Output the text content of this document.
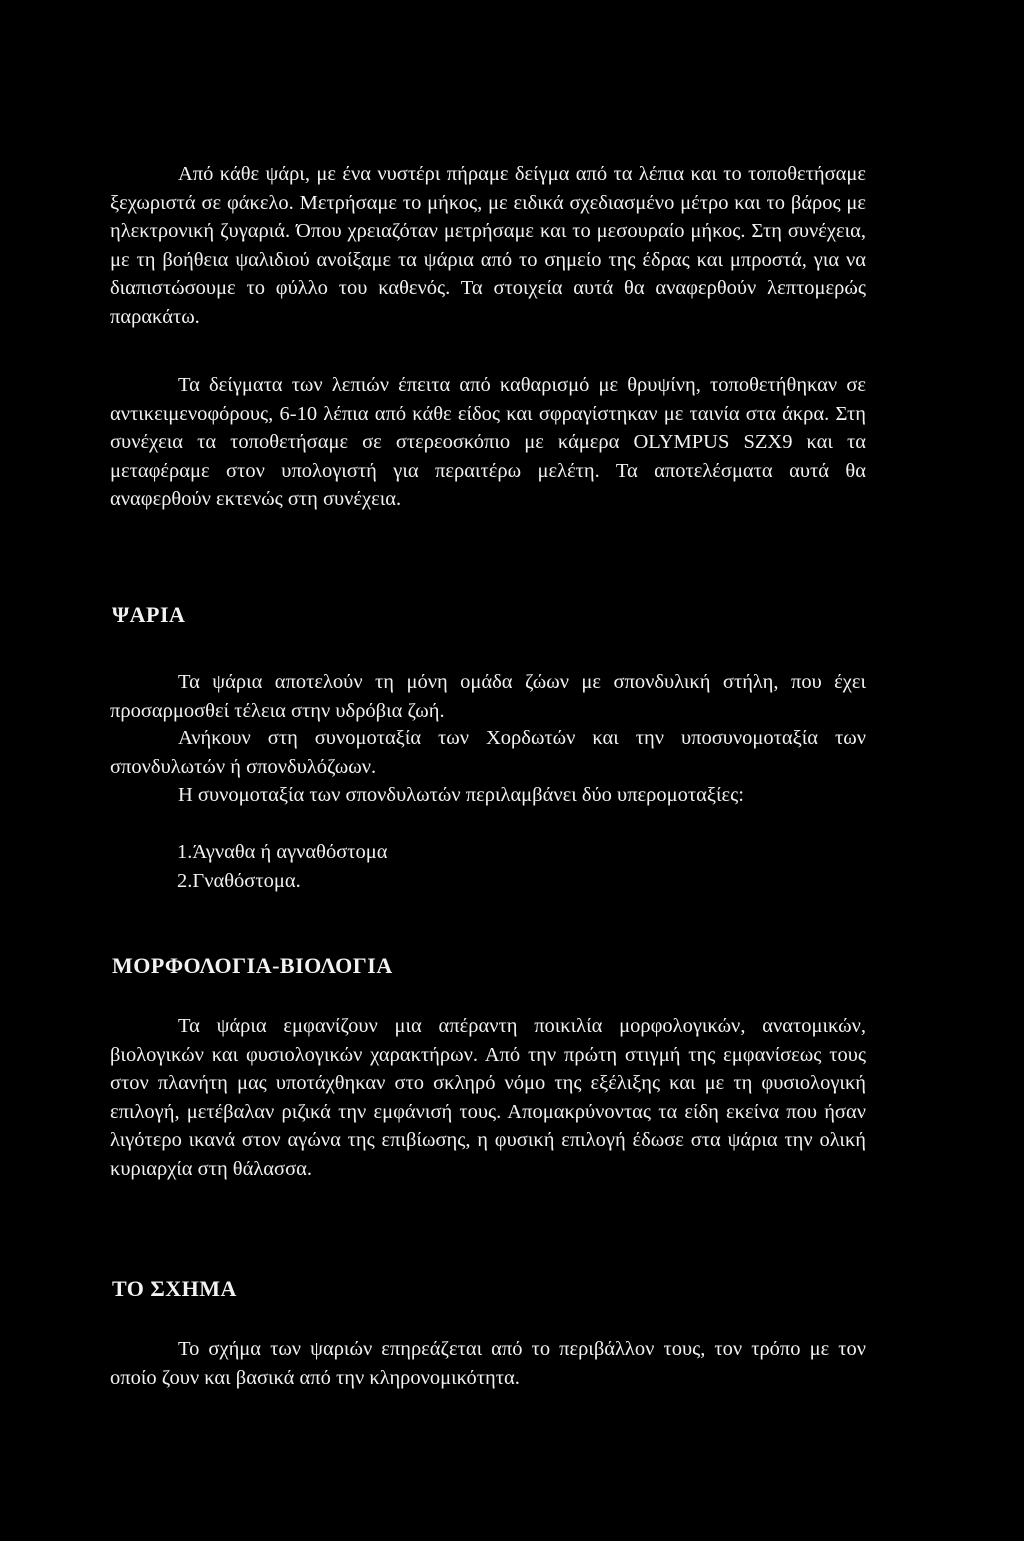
Από κάθε ψάρι, με ένα νυστέρι πήραμε δείγμα από τα λέπια και το τοποθετήσαμε ξεχωριστά σε φάκελο. Μετρήσαμε το μήκος, με ειδικά σχεδιασμένο μέτρο και το βάρος με ηλεκτρονική ζυγαριά. Όπου χρειαζόταν μετρήσαμε και το μεσουραίο μήκος. Στη συνέχεια, με τη βοήθεια ψαλιδιού ανοίξαμε τα ψάρια από το σημείο της έδρας και μπροστά, για να διαπιστώσουμε το φύλλο του καθενός. Τα στοιχεία αυτά θα αναφερθούν λεπτομερώς παρακάτω.

Τα δείγματα των λεπιών έπειτα από καθαρισμό με θρυψίνη, τοποθετήθηκαν σε αντικειμενοφόρους, 6-10 λέπια από κάθε είδος και σφραγίστηκαν με ταινία στα άκρα. Στη συνέχεια τα τοποθετήσαμε σε στερεοσκόπιο με κάμερα OLYMPUS SZX9 και τα μεταφέραμε στον υπολογιστή για περαιτέρω μελέτη. Τα αποτελέσματα αυτά θα αναφερθούν εκτενώς στη συνέχεια.

ΨΑΡΙΑ

Τα ψάρια αποτελούν τη μόνη ομάδα ζώων με σπονδυλική στήλη, που έχει προσαρμοσθεί τέλεια στην υδρόβια ζωή.

Ανήκουν στη συνομοταξία των Χορδωτών και την υποσυνομοταξία των σπονδυλωτών ή σπονδυλόζωων.

Η συνομοταξία των σπονδυλωτών περιλαμβάνει δύο υπερομοταξίες:

1.Άγναθα ή αγναθόστομα

2.Γναθόστομα.

ΜΟΡΦΟΛΟΓΙΑ-ΒΙΟΛΟΓΙΑ

Τα ψάρια εμφανίζουν μια απέραντη ποικιλία μορφολογικών, ανατομικών, βιολογικών και φυσιολογικών χαρακτήρων. Από την πρώτη στιγμή της εμφανίσεως τους στον πλανήτη μας υποτάχθηκαν στο σκληρό νόμο της εξέλιξης και με τη φυσιολογική επιλογή, μετέβαλαν ριζικά την εμφάνισή τους. Απομακρύνοντας τα είδη εκείνα που ήσαν λιγότερο ικανά στον αγώνα της επιβίωσης, η φυσική επιλογή έδωσε στα ψάρια την ολική κυριαρχία στη θάλασσα.

ΤΟ ΣΧΗΜΑ

Το σχήμα των ψαριών επηρεάζεται από το περιβάλλον τους, τον τρόπο με τον οποίο ζουν και βασικά από την κληρονομικότητα.
